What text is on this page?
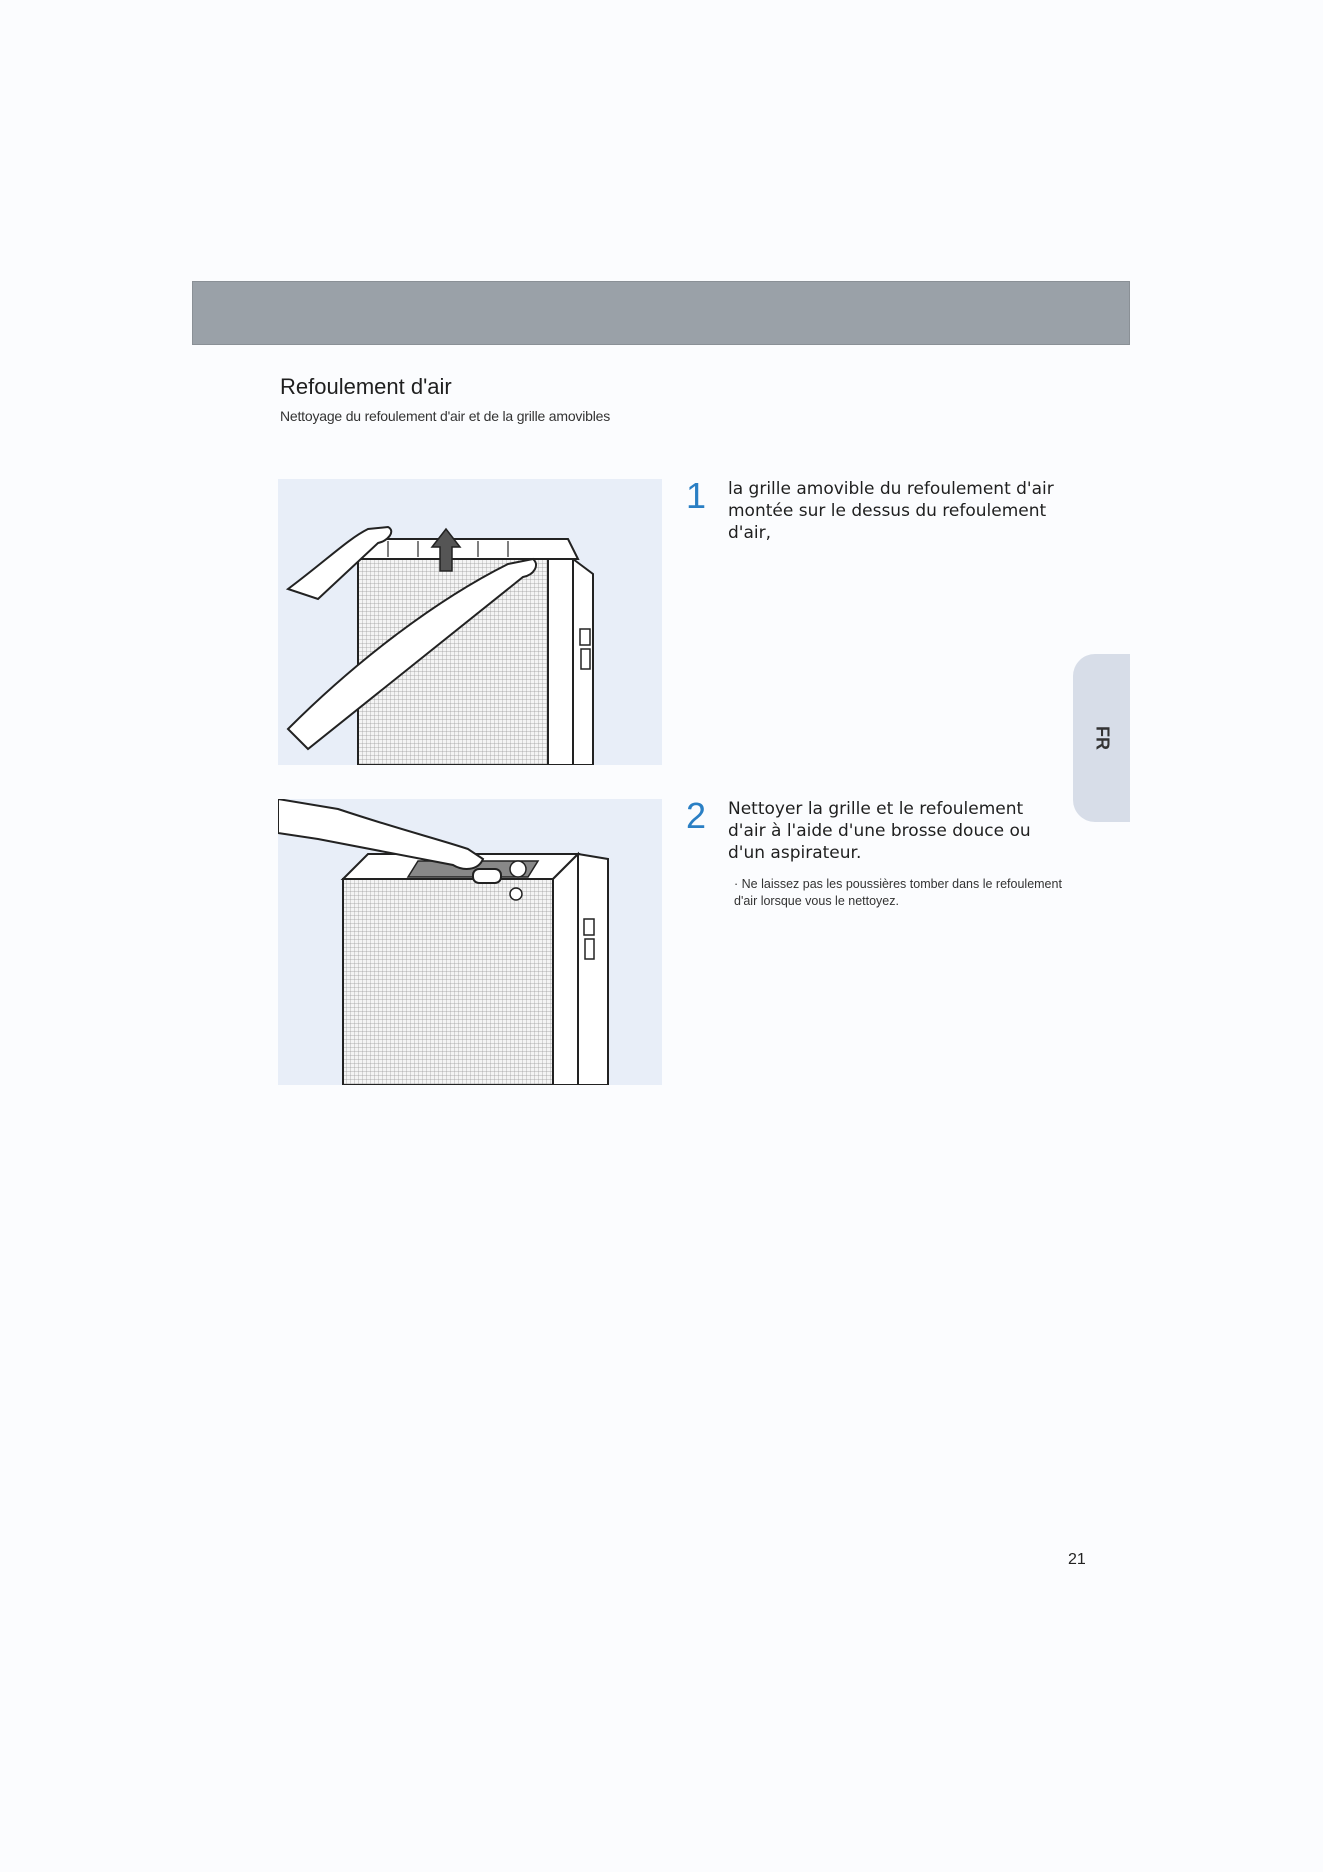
Refoulement d'air
Nettoyage du refoulement d'air et de la grille amovibles
1 la grille amovible du refoulement d'air montée sur le dessus du refoulement d'air,
2 Nettoyer la grille et le refoulement d'air à l'aide d'une brosse douce ou d'un aspirateur.
· Ne laissez pas les poussières tomber dans le refoulement d'air lorsque vous le nettoyez.
FR
21
